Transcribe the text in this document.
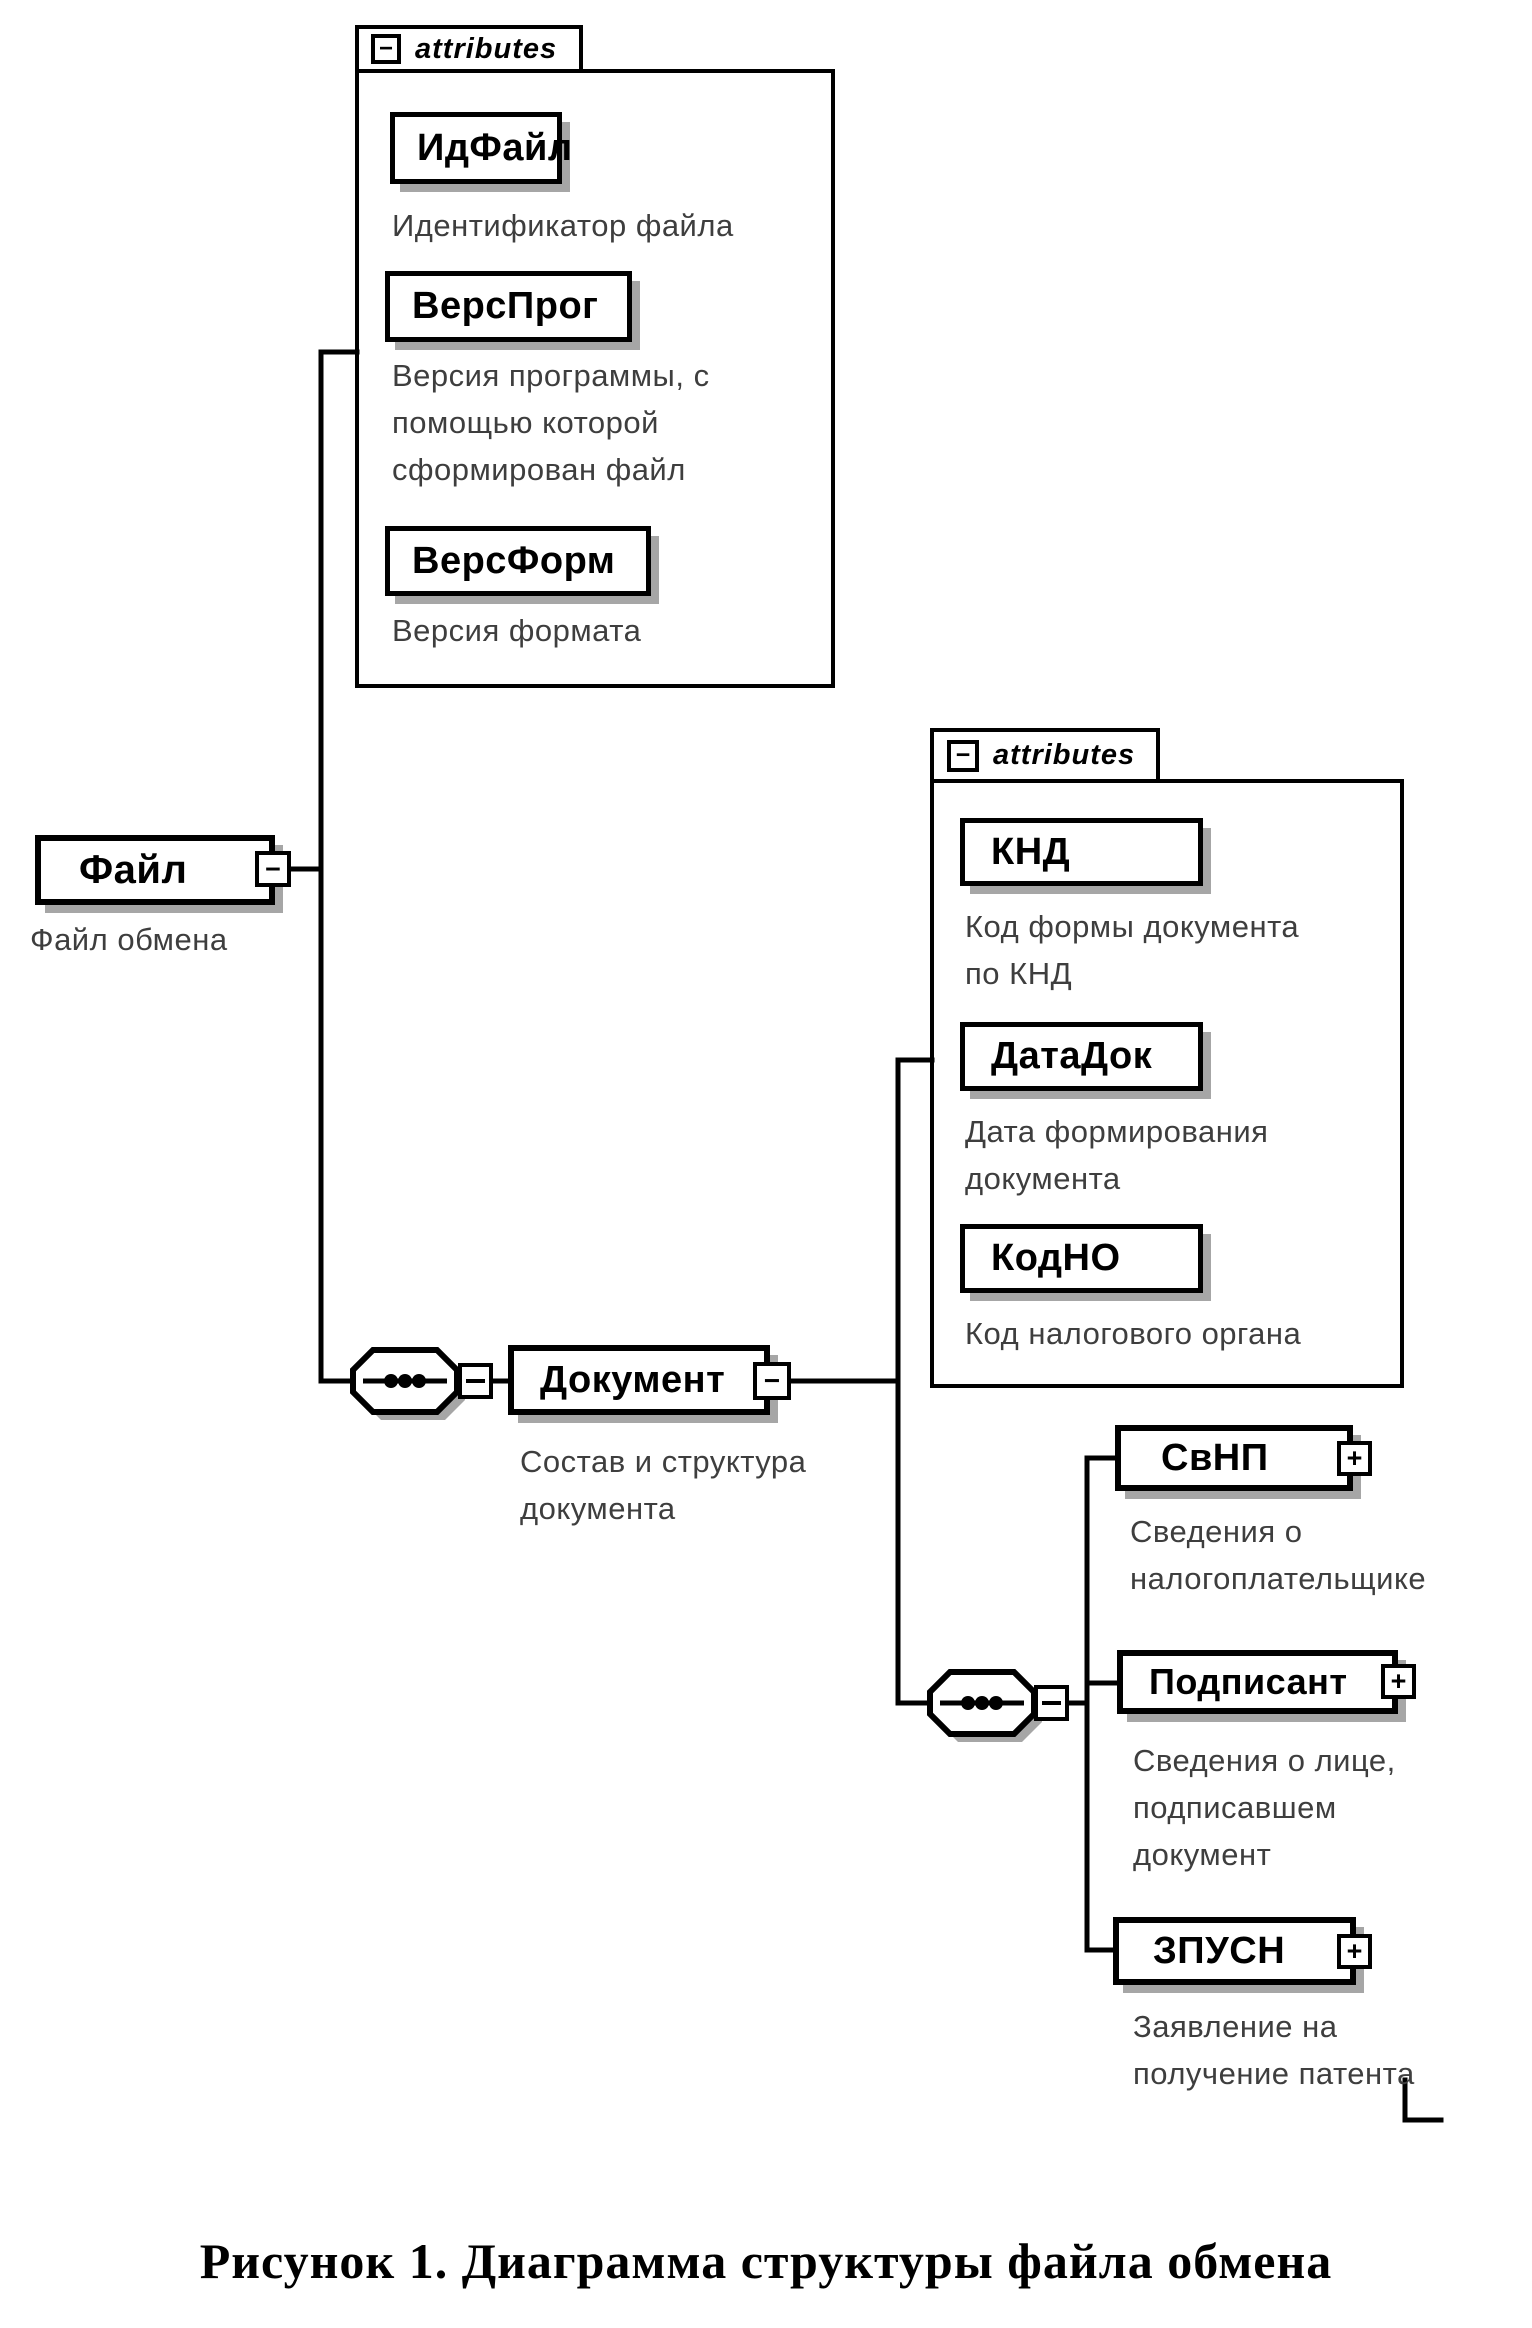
− attributes
− attributes
Файл	−
Файл обмена
ИдФайл
Идентификатор файла
ВерсПрог
Версия программы, с помощью которой сформирован файл
ВерсФорм
Версия формата
Документ	−
Состав и структура документа
КНД
Код формы документа по КНД
ДатаДок
Дата формирования документа
КодНО
Код налогового органа
СвНП	+
Сведения о налогоплательщике
Подписант	+
Сведения о лице, подписавшем документ
ЗПУСН	+
Заявление на получение патента
Рисунок 1. Диаграмма структуры файла обмена
